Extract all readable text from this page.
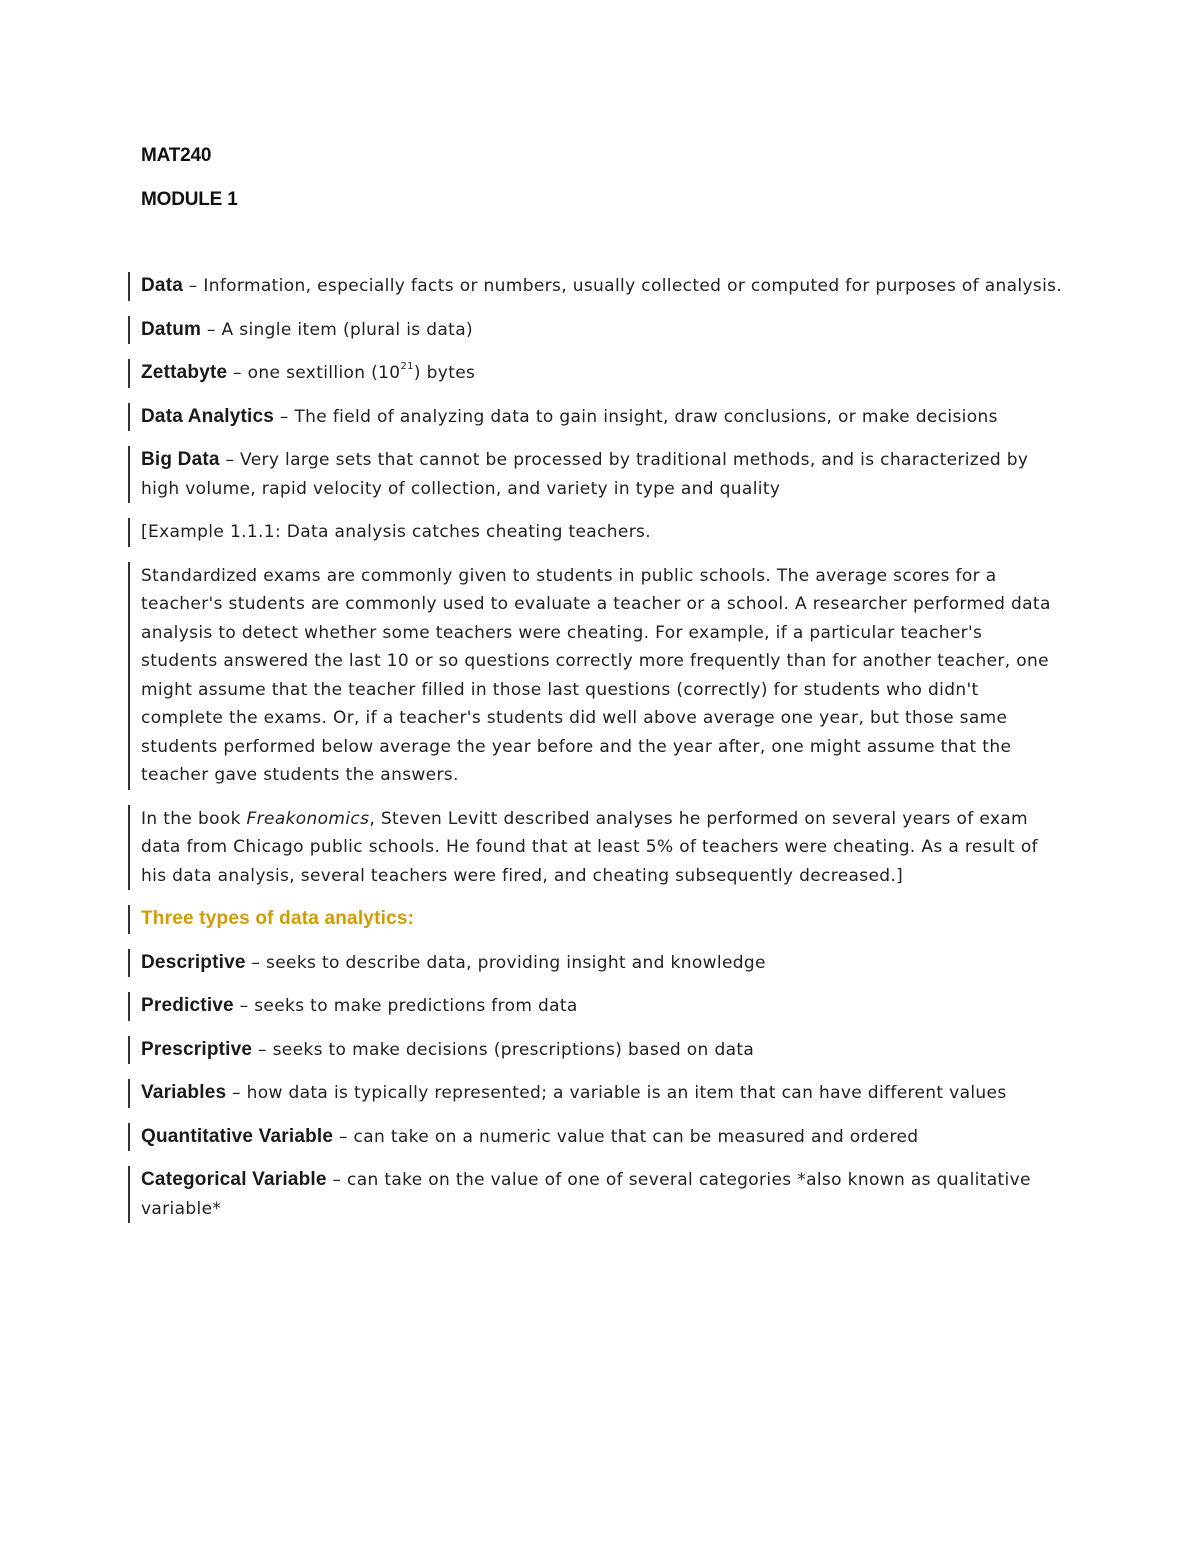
MAT240

MODULE 1

Data – Information, especially facts or numbers, usually collected or computed for purposes of analysis.

Datum – A single item (plural is data)

Zettabyte – one sextillion $(10^{21})$ bytes

Data Analytics – The field of analyzing data to gain insight, draw conclusions, or make decisions

Big Data – Very large sets that cannot be processed by traditional methods, and is characterized by high volume, rapid velocity of collection, and variety in type and quality

[Example 1.1.1: Data analysis catches cheating teachers.

Standardized exams are commonly given to students in public schools. The average scores for a teacher's students are commonly used to evaluate a teacher or a school. A researcher performed data analysis to detect whether some teachers were cheating. For example, if a particular teacher's students answered the last 10 or so questions correctly more frequently than for another teacher, one might assume that the teacher filled in those last questions (correctly) for students who didn't complete the exams. Or, if a teacher's students did well above average one year, but those same students performed below average the year before and the year after, one might assume that the teacher gave students the answers.

In the book Freakonomics, Steven Levitt described analyses he performed on several years of exam data from Chicago public schools. He found that at least 5% of teachers were cheating. As a result of his data analysis, several teachers were fired, and cheating subsequently decreased.]

Three types of data analytics:

Descriptive – seeks to describe data, providing insight and knowledge

Predictive – seeks to make predictions from data

Prescriptive – seeks to make decisions (prescriptions) based on data

Variables – how data is typically represented; a variable is an item that can have different values

Quantitative Variable – can take on a numeric value that can be measured and ordered

Categorical Variable – can take on the value of one of several categories *also known as qualitative variable*
